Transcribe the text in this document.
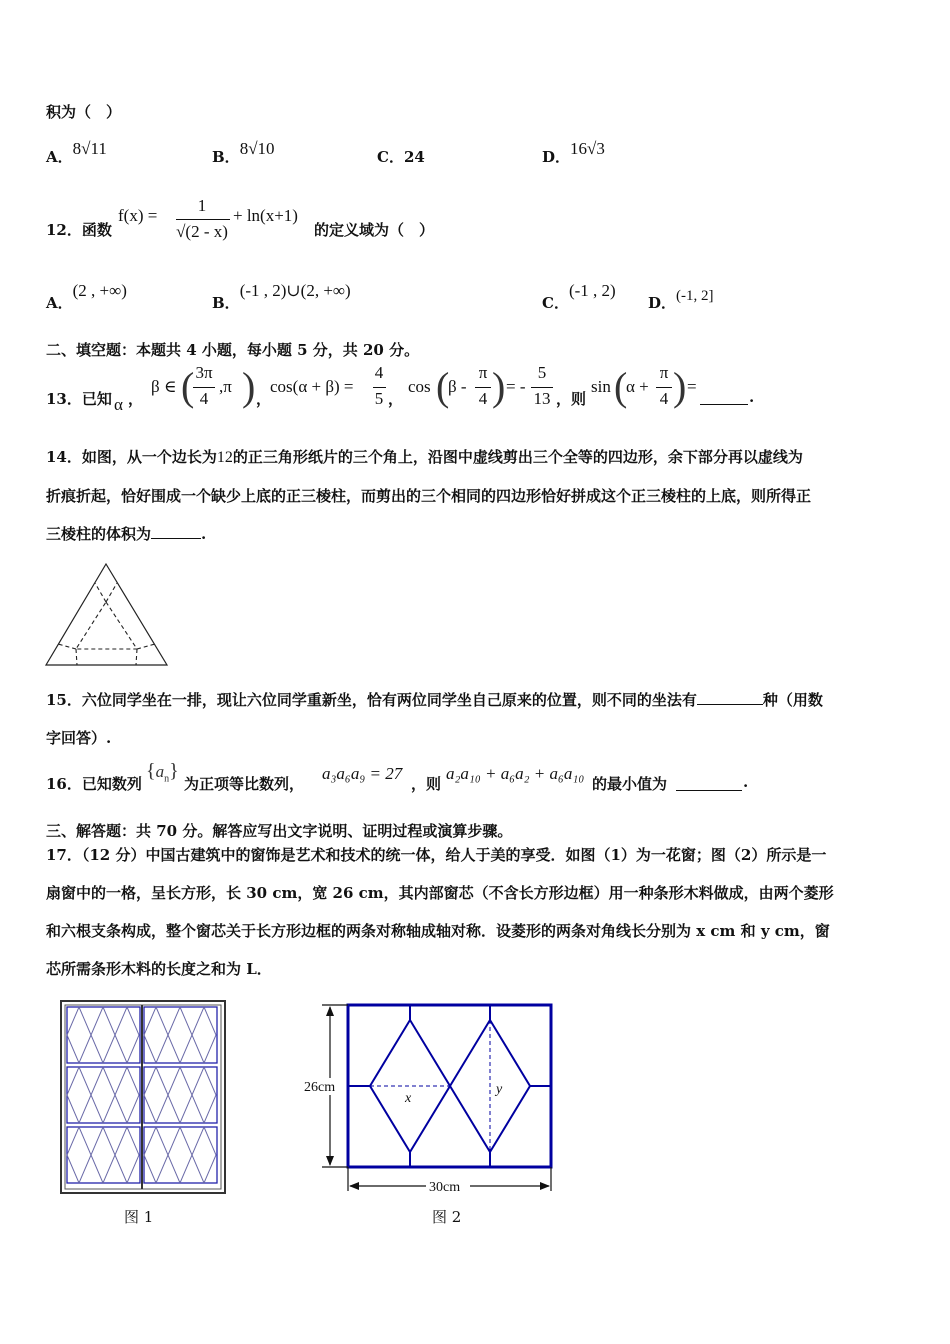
积为（　）
A．8√11	B．8√10	C．24	D．16√3
12．函数
f(x) =
1
√(2 - x)
+ ln(x+1)
的定义域为（　）
A．(2 , +∞)
B．(-1 , 2)∪(2, +∞)
C．(-1 , 2)
D．(-1, 2]
二、填空题：本题共 4 小题，每小题 5 分，共 20 分。
13．已知 α ，
β ∈ ( 3π
4
,π ) ，
cos(α + β) =
4
5 ，
cos (
β -
π
4 ) = -
5
13 ，则
sin (
α +
π
4 ) =
.
14．如图，从一个边长为12的正三角形纸片的三个角上，沿图中虚线剪出三个全等的四边形，余下部分再以虚线为
折痕折起，恰好围成一个缺少上底的正三棱柱，而剪出的三个相同的四边形恰好拼成这个正三棱柱的上底，则所得正
三棱柱的体积为	.
15．六位同学坐在一排，现让六位同学重新坐，恰有两位同学坐自己原来的位置，则不同的坐法有	种（用数
字回答）.
16．已知数列
$\{a_n\}$
为正项等比数列，
a₃a₆a₉ = 27
，则
a₂a₁₀ + a₆a₂ + a₆a₁₀
的最小值为	.
三、解答题：共 70 分。解答应写出文字说明、证明过程或演算步骤。
17．（12 分）中国古建筑中的窗饰是艺术和技术的统一体，给人于美的享受．如图（1）为一花窗；图（2）所示是一
扇窗中的一格，呈长方形，长 30 cm，宽 26 cm，其内部窗芯（不含长方形边框）用一种条形木料做成，由两个菱形
和六根支条构成，整个窗芯关于长方形边框的两条对称轴成轴对称．设菱形的两条对角线长分别为 x cm 和 y cm，窗
芯所需条形木料的长度之和为 L．
图 1
x
y
26cm
30cm
图 2
